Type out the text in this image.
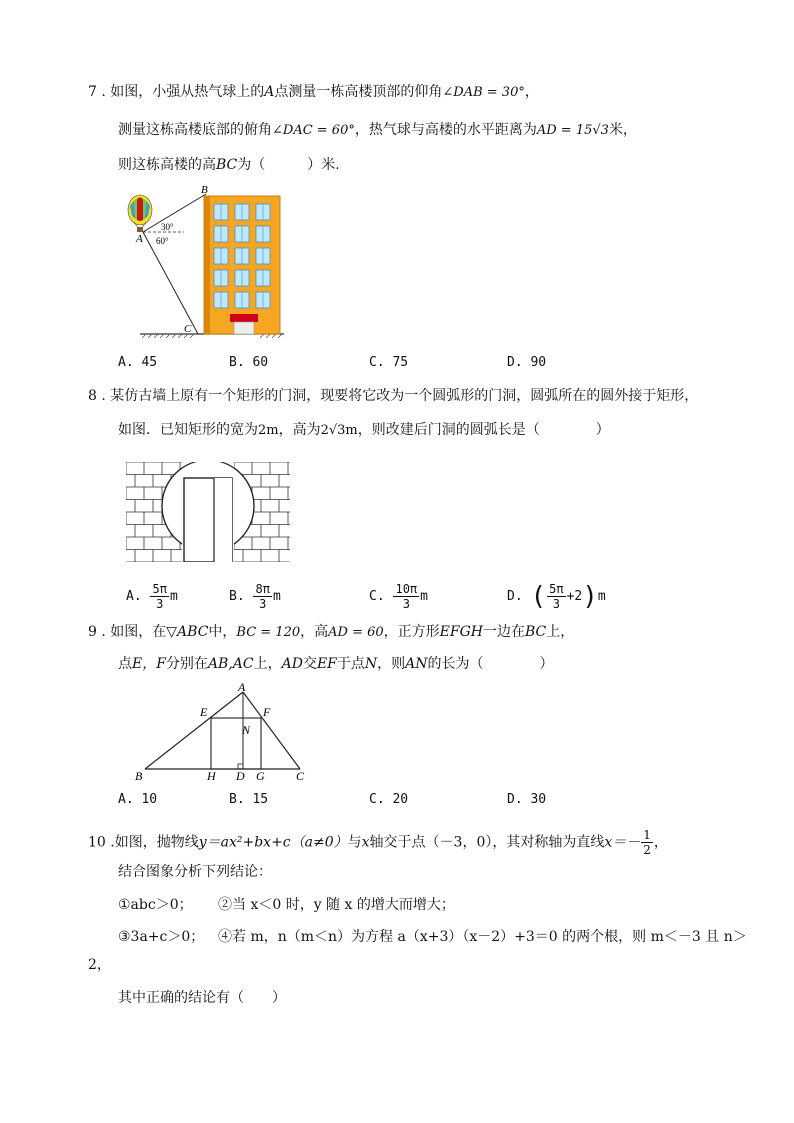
7 . 如图，小强从热气球上的A点测量一栋高楼顶部的仰角∠DAB = 30°，
测量这栋高楼底部的俯角∠DAC = 60°，热气球与高楼的水平距离为AD = 15√3米，
则这栋高楼的高BC为（　　　）米.
B
A
C
30°
60°
A. 45	B. 60	C. 75	D. 90
8 . 某仿古墙上原有一个矩形的门洞，现要将它改为一个圆弧形的门洞，圆弧所在的圆外接于矩形，
如图．已知矩形的宽为2m，高为2√3m，则改建后门洞的圆弧长是（　　　　）
A. $\frac{5\pi}{3}$ m	B. $\frac{8\pi}{3}$ m	C. $\frac{10\pi}{3}$ m	D. ( $\frac{5\pi}{3} +2)m$
9 . 如图，在▽ABC中，BC = 120，高AD = 60，正方形EFGH一边在BC上，
点E，F分别在AB,AC上，AD交EF于点N，则AN的长为（　　　　）
A
B	C
D
E	F
G
H
N
A. 10	B. 15	C. 20	D. 30
10 .如图，抛物线y＝ax²+bx+c（a≠0）与x轴交于点（－3，0），其对称轴为直线$x=- \frac{1}{2}$ ，
结合图象分析下列结论：
①abc＞0； ②当 x＜0 时，y 随 x 的增大而增大；
③3a+c＞0； ④若 m，n（m＜n）为方程 a（x+3）（x－2）+3＝0 的两个根，则 m＜－3 且 n＞
2，
其中正确的结论有（　　）
